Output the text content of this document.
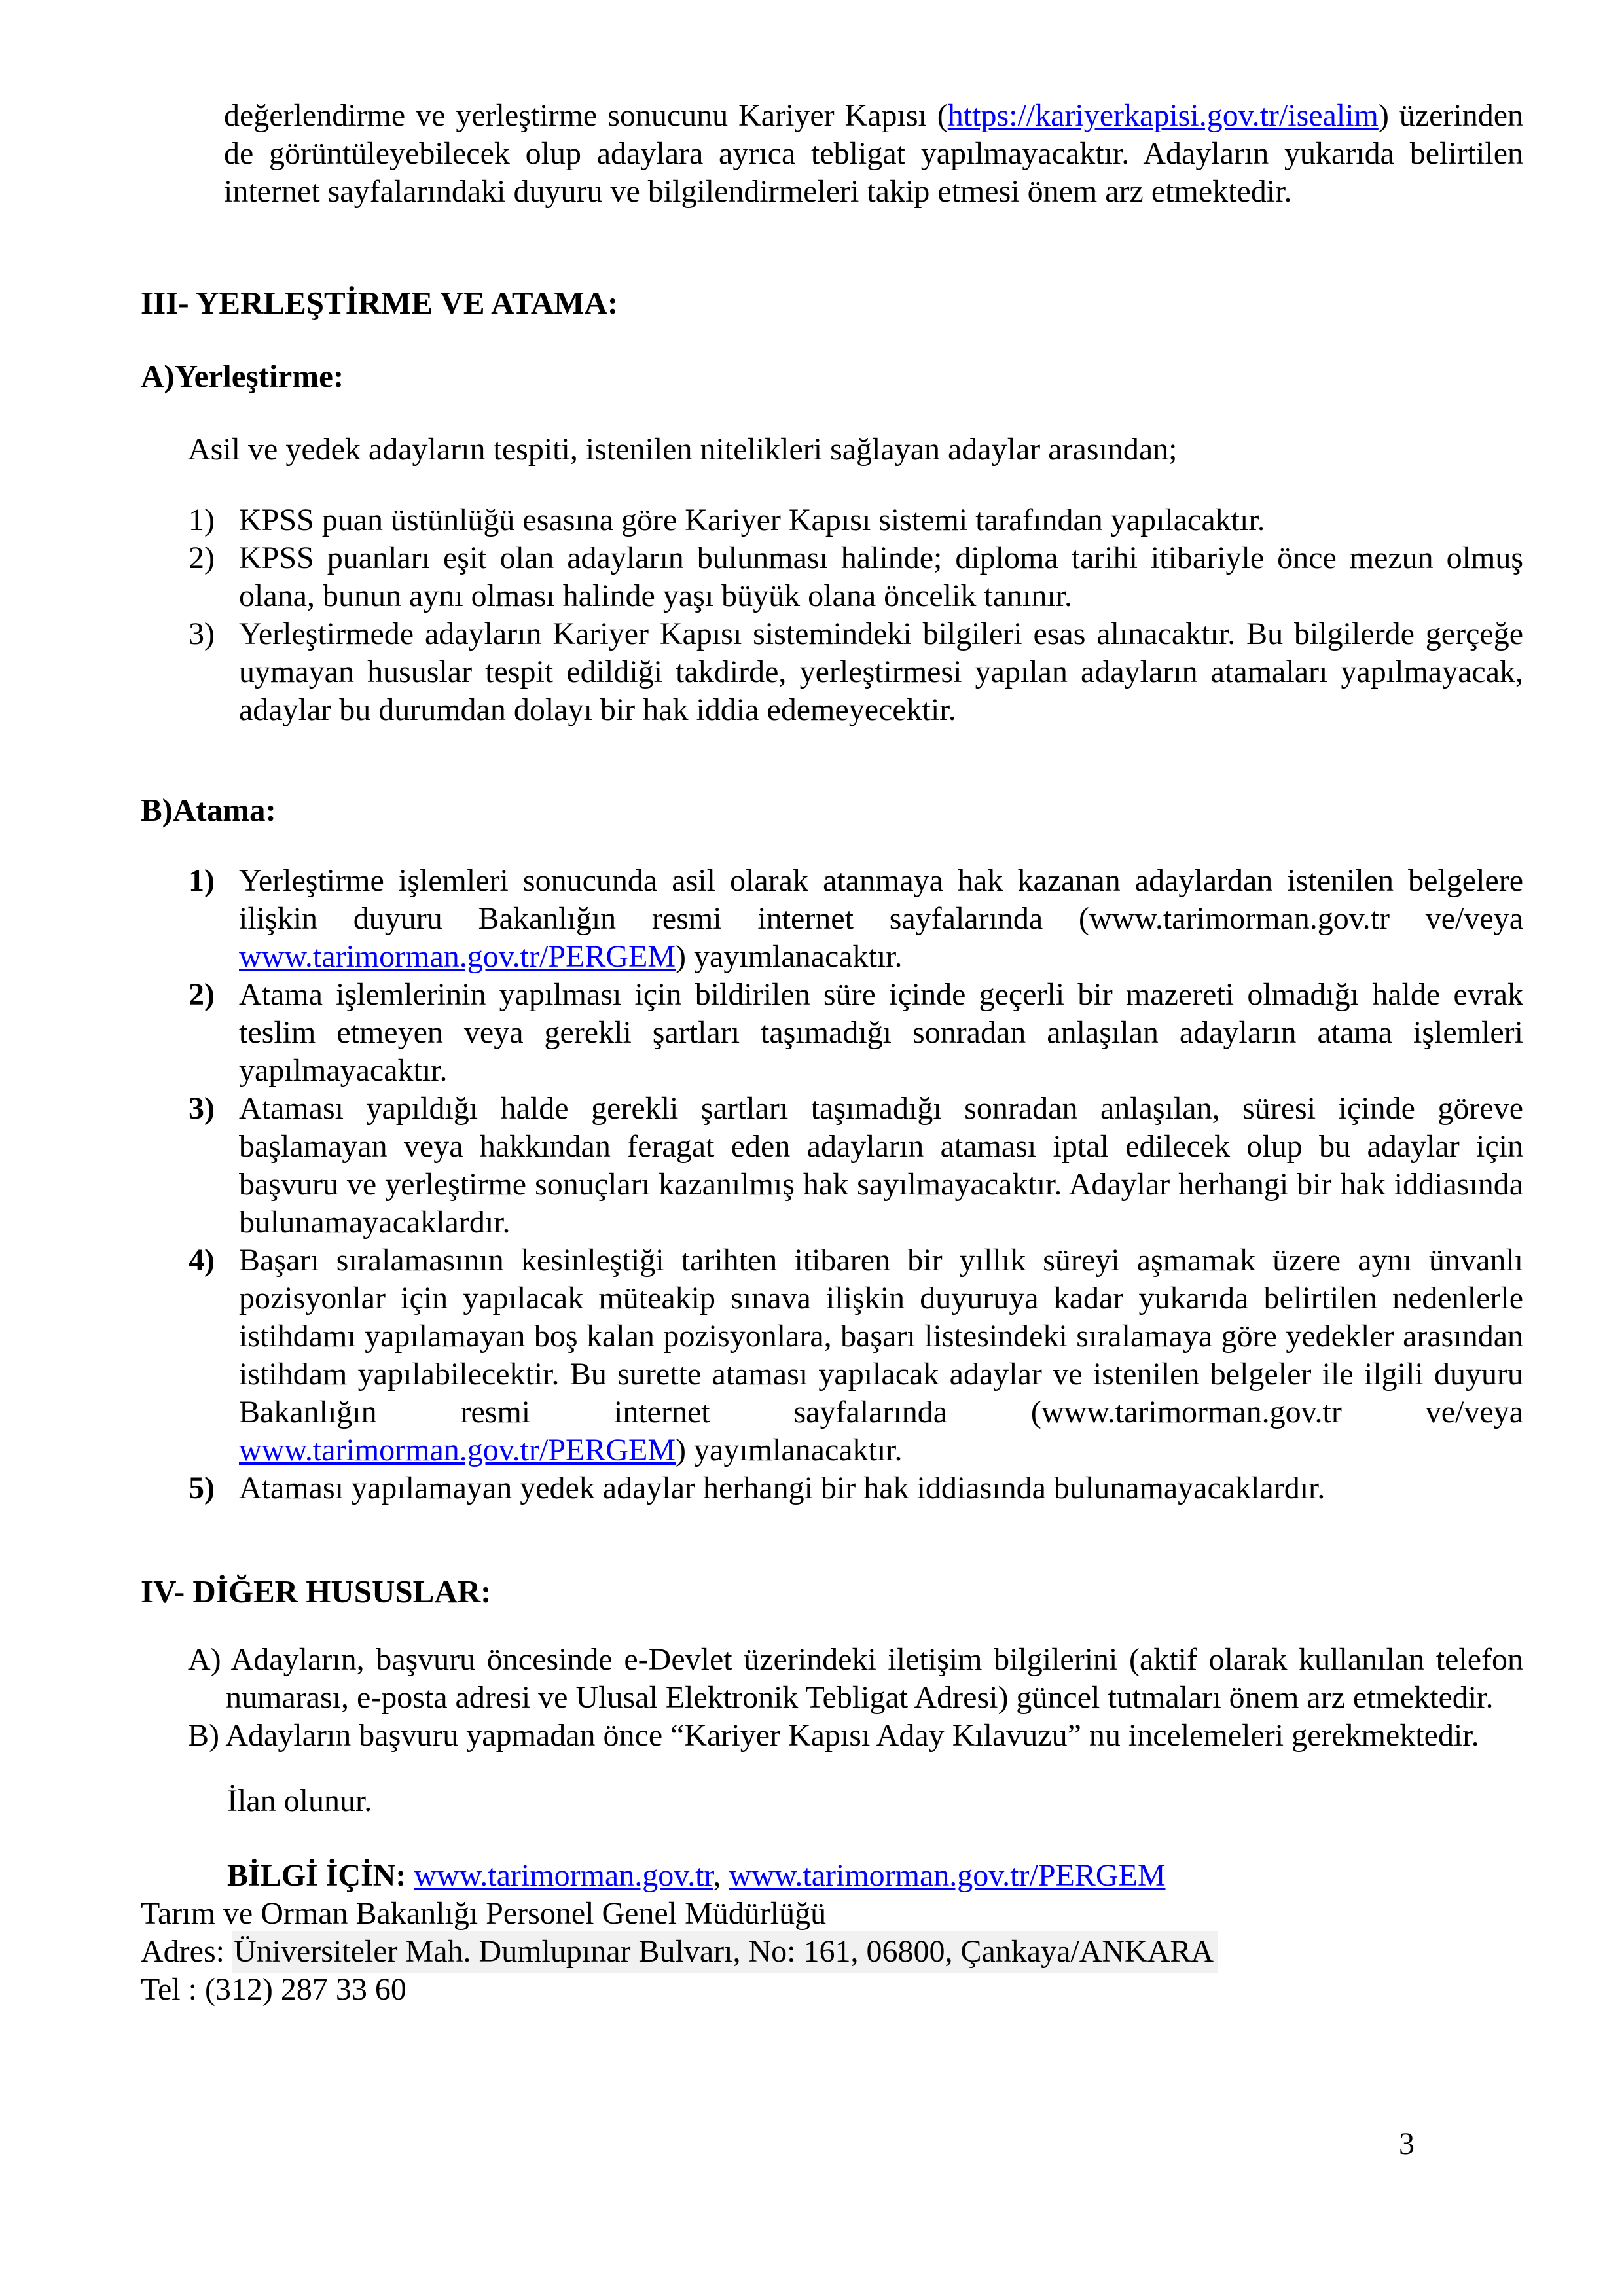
değerlendirme ve yerleştirme sonucunu Kariyer Kapısı (https://kariyerkapisi.gov.tr/isealim) üzerinden de görüntüleyebilecek olup adaylara ayrıca tebligat yapılmayacaktır. Adayların yukarıda belirtilen internet sayfalarındaki duyuru ve bilgilendirmeleri takip etmesi önem arz etmektedir.

III- YERLEŞTİRME VE ATAMA:
A)Yerleştirme:

Asil ve yedek adayların tespiti, istenilen nitelikleri sağlayan adaylar arasından;

1) KPSS puan üstünlüğü esasına göre Kariyer Kapısı sistemi tarafından yapılacaktır.
2) KPSS puanları eşit olan adayların bulunması halinde; diploma tarihi itibariyle önce mezun olmuş olana, bunun aynı olması halinde yaşı büyük olana öncelik tanınır.
3) Yerleştirmede adayların Kariyer Kapısı sistemindeki bilgileri esas alınacaktır. Bu bilgilerde gerçeğe uymayan hususlar tespit edildiği takdirde, yerleştirmesi yapılan adayların atamaları yapılmayacak, adaylar bu durumdan dolayı bir hak iddia edemeyecektir.
B)Atama:
1) Yerleştirme işlemleri sonucunda asil olarak atanmaya hak kazanan adaylardan istenilen belgelere ilişkin duyuru Bakanlığın resmi internet sayfalarında (www.tarimorman.gov.tr ve/veya www.tarimorman.gov.tr/PERGEM) yayımlanacaktır.
2) Atama işlemlerinin yapılması için bildirilen süre içinde geçerli bir mazereti olmadığı halde evrak teslim etmeyen veya gerekli şartları taşımadığı sonradan anlaşılan adayların atama işlemleri yapılmayacaktır.
3) Ataması yapıldığı halde gerekli şartları taşımadığı sonradan anlaşılan, süresi içinde göreve başlamayan veya hakkından feragat eden adayların ataması iptal edilecek olup bu adaylar için başvuru ve yerleştirme sonuçları kazanılmış hak sayılmayacaktır. Adaylar herhangi bir hak iddiasında bulunamayacaklardır.
4) Başarı sıralamasının kesinleştiği tarihten itibaren bir yıllık süreyi aşmamak üzere aynı ünvanlı pozisyonlar için yapılacak müteakip sınava ilişkin duyuruya kadar yukarıda belirtilen nedenlerle istihdamı yapılamayan boş kalan pozisyonlara, başarı listesindeki sıralamaya göre yedekler arasından istihdam yapılabilecektir. Bu surette ataması yapılacak adaylar ve istenilen belgeler ile ilgili duyuru Bakanlığın resmi internet sayfalarında (www.tarimorman.gov.tr ve/veya www.tarimorman.gov.tr/PERGEM) yayımlanacaktır.
5) Ataması yapılamayan yedek adaylar herhangi bir hak iddiasında bulunamayacaklardır.
IV- DİĞER HUSUSLAR:
A) Adayların, başvuru öncesinde e-Devlet üzerindeki iletişim bilgilerini (aktif olarak kullanılan telefon numarası, e-posta adresi ve Ulusal Elektronik Tebligat Adresi) güncel tutmaları önem arz etmektedir.
B) Adayların başvuru yapmadan önce “Kariyer Kapısı Aday Kılavuzu” nu incelemeleri gerekmektedir.

İlan olunur.

BİLGİ İÇİN: www.tarimorman.gov.tr, www.tarimorman.gov.tr/PERGEM

Tarım ve Orman Bakanlığı Personel Genel Müdürlüğü

Adres: Üniversiteler Mah. Dumlupınar Bulvarı, No: 161, 06800, Çankaya/ANKARA

Tel : (312) 287 33 60

3
